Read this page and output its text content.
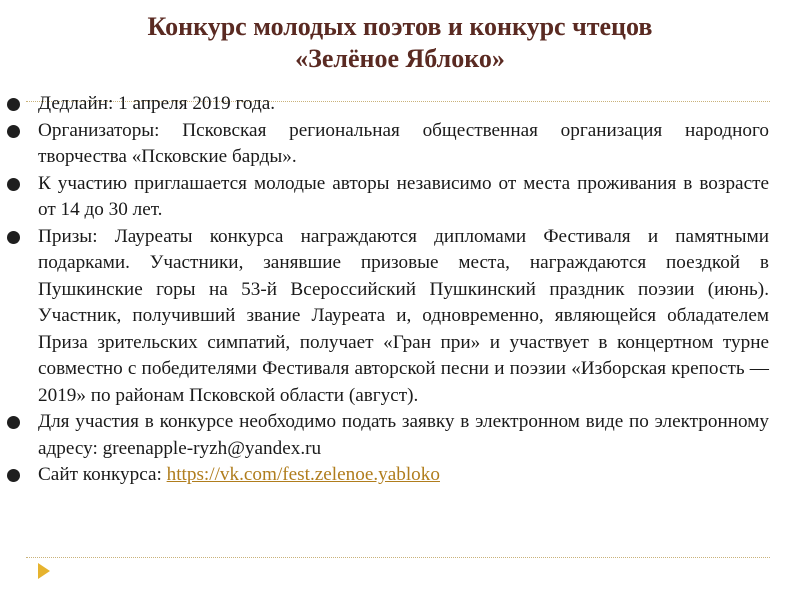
Конкурс молодых поэтов и конкурс чтецов
«Зелёное Яблоко»
Дедлайн: 1 апреля 2019 года.
Организаторы: Псковская региональная общественная организация народного творчества «Псковские барды».
К участию приглашается молодые авторы независимо от места проживания в возрасте от 14 до 30 лет.
Призы: Лауреаты конкурса награждаются дипломами Фестиваля и памятными подарками. Участники, занявшие призовые места, награждаются поездкой в Пушкинские горы на 53-й Всероссийский Пушкинский праздник поэзии (июнь). Участник, получивший звание Лауреата и, одновременно, являющейся обладателем Приза зрительских симпатий, получает «Гран при» и участвует в концертном турне совместно с победителями Фестиваля авторской песни и поэзии «Изборская крепость — 2019» по районам Псковской области (август).
Для участия в конкурсе необходимо подать заявку в электронном виде по электронному адресу: greenapple-ryzh@yandex.ru
Сайт конкурса: https://vk.com/fest.zelenoe.yabloko
